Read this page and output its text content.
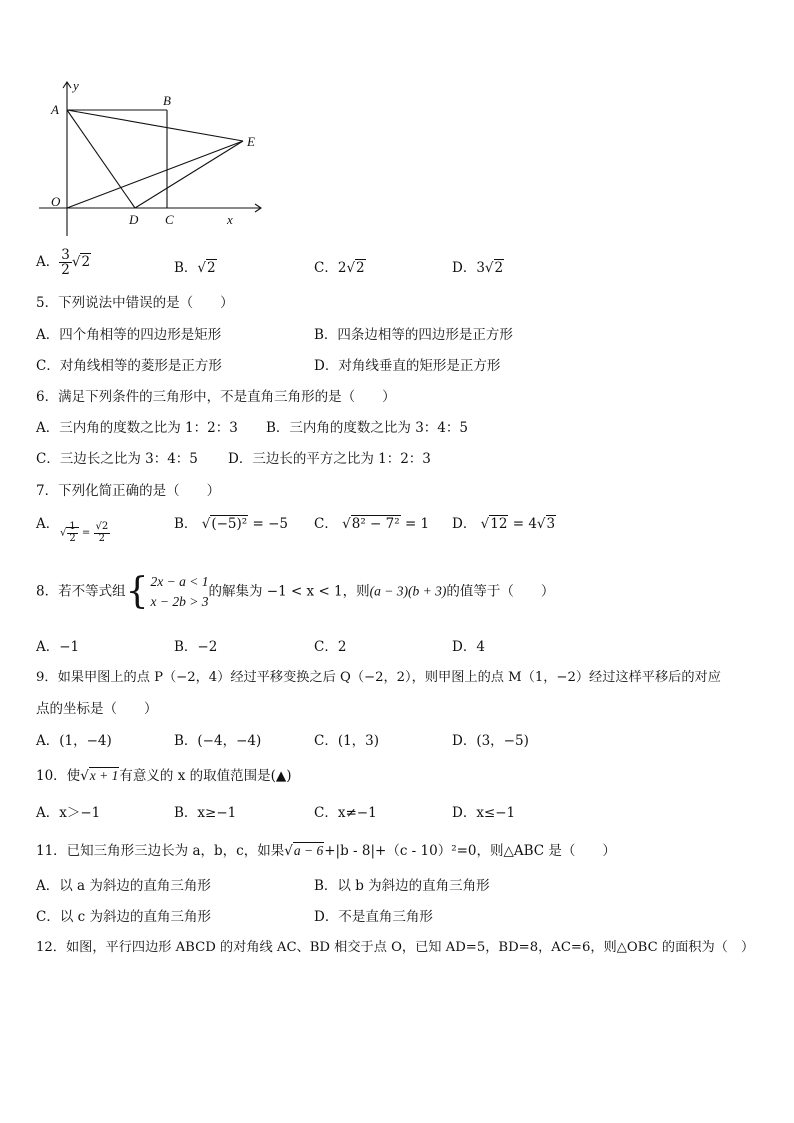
y
A
B
E
O
D C	x
A． $\frac{3}{2} √2$	B．√2	C．2√2	D．3√2
5．下列说法中错误的是（　　）
A．四个角相等的四边形是矩形	B．四条边相等的四边形是正方形
C．对角线相等的菱形是正方形	D．对角线垂直的矩形是正方形
6．满足下列条件的三角形中，不是直角三角形的是（　　）
A．三内角的度数之比为 1：2：3 B．三内角的度数之比为 3：4：5
C．三边长之比为 3：4：5 D．三边长的平方之比为 1：2：3
7．下列化简正确的是（　　）
A．
√ $\frac{1}{2} = \frac{√2}{2}$	B． √(−5)² = −5 C． √8² − 7² = 1 D． √12 = 4√3
8．若不等式组{ 2x − a < 1
x − 2b > 3
的解集为 −1 < x < 1，则(a − 3)(b + 3)的值等于（　　）
A．−1	B．−2	C．2	D．4
9．如果甲图上的点 P（−2，4）经过平移变换之后 Q（−2，2），则甲图上的点 M（1，−2）经过这样平移后的对应
点的坐标是（　　）
A．(1，−4)	B．(−4，−4)	C．(1，3)	D．(3，−5)
10．使√x + 1有意义的 x 的取值范围是(▲)
A．x＞−1	B．x≥−1	C．x≠−1	D．x≤−1
11．已知三角形三边长为 a，b，c，如果√a − 6+|b - 8|+（c - 10）²=0，则△ABC 是（　　）
A．以 a 为斜边的直角三角形	B．以 b 为斜边的直角三角形
C．以 c 为斜边的直角三角形	D．不是直角三角形
12．如图，平行四边形 ABCD 的对角线 AC、BD 相交于点 O，已知 AD=5，BD=8，AC=6，则△OBC 的面积为（　）
